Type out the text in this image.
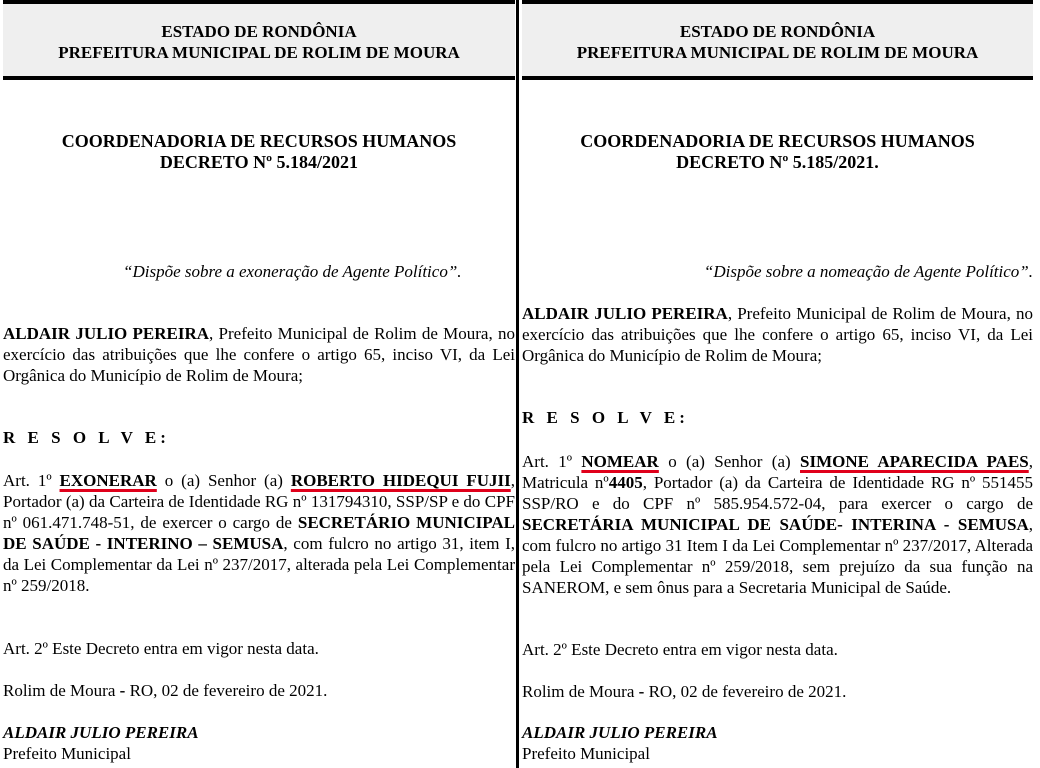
ESTADO DE RONDÔNIA
PREFEITURA MUNICIPAL DE ROLIM DE MOURA
COORDENADORIA DE RECURSOS HUMANOS
DECRETO Nº 5.184/2021
“Dispõe sobre a exoneração de Agente Político”.
ALDAIR JULIO PEREIRA, Prefeito Municipal de Rolim de Moura, no exercício das atribuições que lhe confere o artigo 65, inciso VI, da Lei Orgânica do Município de Rolim de Moura;
R E S O L V E:
Art. 1º EXONERAR o (a) Senhor (a) ROBERTO HIDEQUI FUJII, Portador (a) da Carteira de Identidade RG nº 131794310, SSP/SP e do CPF nº 061.471.748-51, de exercer o cargo de SECRETÁRIO MUNICIPAL DE SAÚDE - INTERINO – SEMUSA, com fulcro no artigo 31, item I, da Lei Complementar da Lei nº 237/2017, alterada pela Lei Complementar nº 259/2018.
Art. 2º Este Decreto entra em vigor nesta data.
Rolim de Moura - RO, 02 de fevereiro de 2021.
ALDAIR JULIO PEREIRA
Prefeito Municipal
ESTADO DE RONDÔNIA
PREFEITURA MUNICIPAL DE ROLIM DE MOURA
COORDENADORIA DE RECURSOS HUMANOS
DECRETO Nº 5.185/2021.
“Dispõe sobre a nomeação de Agente Político”.
ALDAIR JULIO PEREIRA, Prefeito Municipal de Rolim de Moura, no exercício das atribuições que lhe confere o artigo 65, inciso VI, da Lei Orgânica do Município de Rolim de Moura;
R E S O L V E:
Art. 1º NOMEAR o (a) Senhor (a) SIMONE APARECIDA PAES, Matricula nº4405, Portador (a) da Carteira de Identidade RG nº 551455 SSP/RO e do CPF nº 585.954.572-04, para exercer o cargo de SECRETÁRIA MUNICIPAL DE SAÚDE- INTERINA - SEMUSA, com fulcro no artigo 31 Item I da Lei Complementar nº 237/2017, Alterada pela Lei Complementar nº 259/2018, sem prejuízo da sua função na SANEROM, e sem ônus para a Secretaria Municipal de Saúde.
Art. 2º Este Decreto entra em vigor nesta data.
Rolim de Moura - RO, 02 de fevereiro de 2021.
ALDAIR JULIO PEREIRA
Prefeito Municipal
